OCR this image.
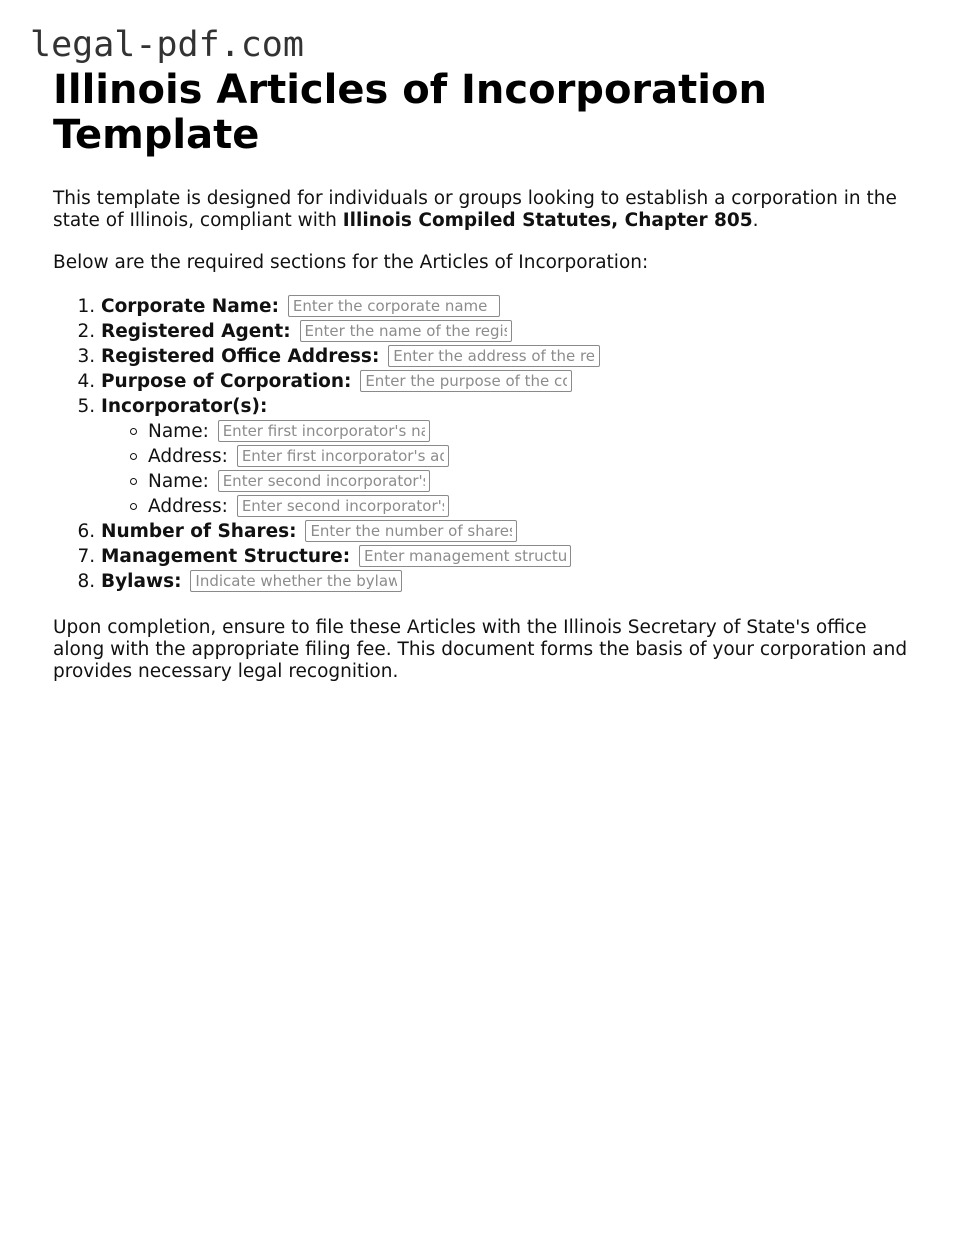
legal-pdf.com
Illinois Articles of Incorporation Template

This template is designed for individuals or groups looking to establish a corporation in the state of Illinois, compliant with Illinois Compiled Statutes, Chapter 805.

Below are the required sections for the Articles of Incorporation:

1. Corporate Name: Enter the corporate name
2. Registered Agent: Enter the name of the registered agent
3. Registered Office Address: Enter the address of the registered office
4. Purpose of Corporation: Enter the purpose of the corporation
5. Incorporator(s):
Name: Enter first incorporator's name
Address: Enter first incorporator's address
Name: Enter second incorporator's name
Address: Enter second incorporator's address
6. Number of Shares: Enter the number of shares
7. Management Structure: Enter management structure
8. Bylaws: Indicate whether the bylaws are included

Upon completion, ensure to file these Articles with the Illinois Secretary of State's office along with the appropriate filing fee. This document forms the basis of your corporation and provides necessary legal recognition.
